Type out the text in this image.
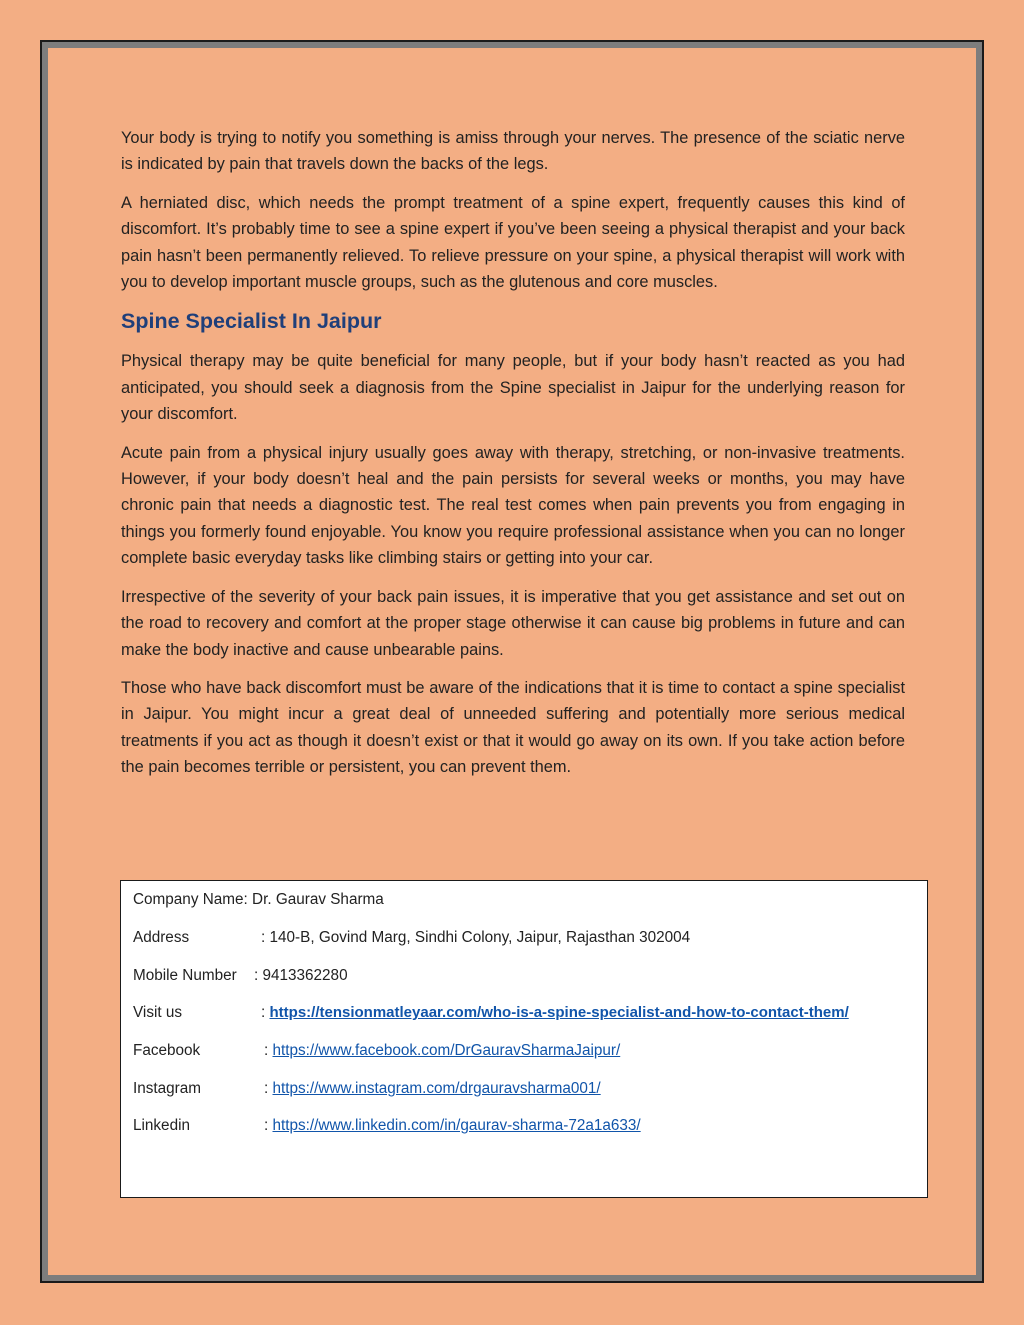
Your body is trying to notify you something is amiss through your nerves. The presence of the sciatic nerve is indicated by pain that travels down the backs of the legs.

A herniated disc, which needs the prompt treatment of a spine expert, frequently causes this kind of discomfort. It’s probably time to see a spine expert if you’ve been seeing a physical therapist and your back pain hasn’t been permanently relieved. To relieve pressure on your spine, a physical therapist will work with you to develop important muscle groups, such as the glutenous and core muscles.

Spine Specialist In Jaipur

Physical therapy may be quite beneficial for many people, but if your body hasn’t reacted as you had anticipated, you should seek a diagnosis from the Spine specialist in Jaipur for the underlying reason for your discomfort.

Acute pain from a physical injury usually goes away with therapy, stretching, or non-invasive treatments. However, if your body doesn’t heal and the pain persists for several weeks or months, you may have chronic pain that needs a diagnostic test. The real test comes when pain prevents you from engaging in things you formerly found enjoyable. You know you require professional assistance when you can no longer complete basic everyday tasks like climbing stairs or getting into your car.

Irrespective of the severity of your back pain issues, it is imperative that you get assistance and set out on the road to recovery and comfort at the proper stage otherwise it can cause big problems in future and can make the body inactive and cause unbearable pains.

Those who have back discomfort must be aware of the indications that it is time to contact a spine specialist in Jaipur. You might incur a great deal of unneeded suffering and potentially more serious medical treatments if you act as though it doesn’t exist or that it would go away on its own. If you take action before the pain becomes terrible or persistent, you can prevent them.

Company Name: Dr. Gaurav Sharma
Address	: 140-B, Govind Marg, Sindhi Colony, Jaipur, Rajasthan 302004
Mobile Number : 9413362280
Visit us	: https://tensionmatleyaar.com/who-is-a-spine-specialist-and-how-to-contact-them/
Facebook	: https://www.facebook.com/DrGauravSharmaJaipur/
Instagram	: https://www.instagram.com/drgauravsharma001/
Linkedin	: https://www.linkedin.com/in/gaurav-sharma-72a1a633/
